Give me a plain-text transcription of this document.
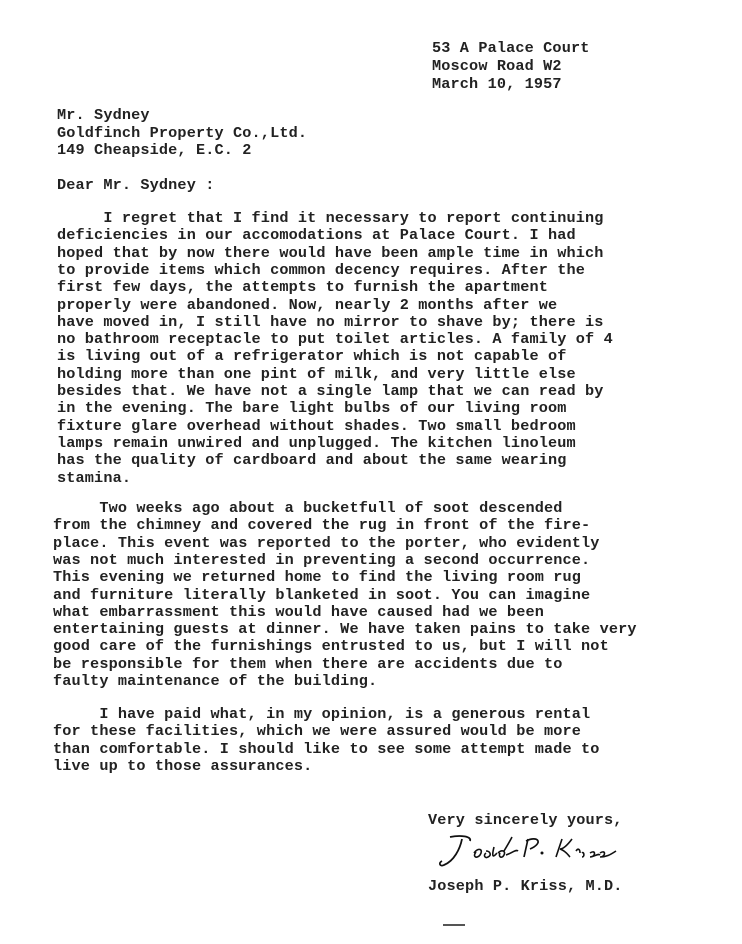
53 A Palace Court
Moscow Road W2
March 10, 1957
Mr. Sydney
Goldfinch Property Co.,Ltd.
149 Cheapside, E.C. 2
Dear Mr. Sydney :
I regret that I find it necessary to report continuing
deficiencies in our accomodations at Palace Court. I had
hoped that by now there would have been ample time in which
to provide items which common decency requires. After the
first few days, the attempts to furnish the apartment
properly were abandoned. Now, nearly 2 months after we
have moved in, I still have no mirror to shave by; there is
no bathroom receptacle to put toilet articles. A family of 4
is living out of a refrigerator which is not capable of
holding more than one pint of milk, and very little else
besides that. We have not a single lamp that we can read by
in the evening. The bare light bulbs of our living room
fixture glare overhead without shades. Two small bedroom
lamps remain unwired and unplugged. The kitchen linoleum
has the quality of cardboard and about the same wearing
stamina.
Two weeks ago about a bucketfull of soot descended
from the chimney and covered the rug in front of the fire-
place. This event was reported to the porter, who evidently
was not much interested in preventing a second occurrence.
This evening we returned home to find the living room rug
and furniture literally blanketed in soot. You can imagine
what embarrassment this would have caused had we been
entertaining guests at dinner. We have taken pains to take very
good care of the furnishings entrusted to us, but I will not
be responsible for them when there are accidents due to
faulty maintenance of the building.
I have paid what, in my opinion, is a generous rental
for these facilities, which we were assured would be more
than comfortable. I should like to see some attempt made to
live up to those assurances.
Very sincerely yours,
Joseph P. Kriss, M.D.
